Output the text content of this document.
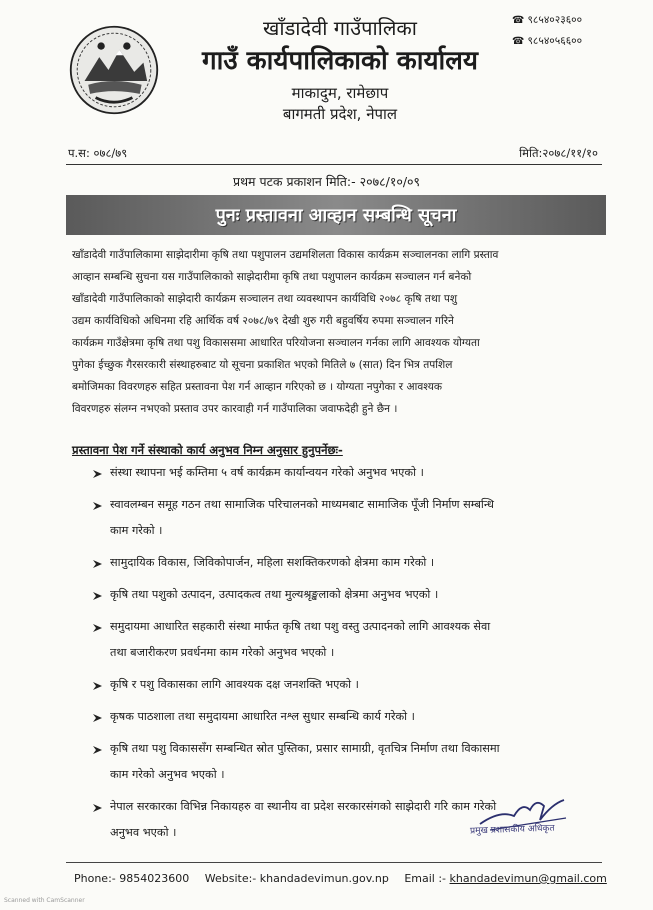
खाँडादेवी गाउँपालिका
गाउँ कार्यपालिकाको कार्यालय
माकादुम, रामेछाप
बागमती प्रदेश, नेपाल
☎ ९८५४०२३६००
☎ ९८५४०५६६००
प.स: ०७८/७९	मिति:२०७८/११/१०
प्रथम पटक प्रकाशन मिति:- २०७८/१०/०९
पुनः प्रस्तावना आव्हान सम्बन्धि सूचना
खाँडादेवी गाउँपालिकामा साझेदारीमा कृषि तथा पशुपालन उद्यमशिलता विकास कार्यक्रम सञ्चालनका लागि प्रस्ताव
आव्हान सम्बन्धि सुचना यस गाउँपालिकाको साझेदारीमा कृषि तथा पशुपालन कार्यक्रम सञ्चालन गर्न बनेको
खाँडादेवी गाउँपालिकाको साझेदारी कार्यक्रम सञ्चालन तथा व्यवस्थापन कार्यविधि २०७८ कृषि तथा पशु
उद्यम कार्यविधिको अधिनमा रहि आर्थिक वर्ष २०७८/७९ देखी शुरु गरी बहुवर्षिय रुपमा सञ्चालन गरिने
कार्यक्रम गाउँक्षेत्रमा कृषि तथा पशु विकाससमा आधारित परियोजना सञ्चालन गर्नका लागि आवश्यक योग्यता
पुगेका ईच्छुक गैरसरकारी संस्थाहरुबाट यो सूचना प्रकाशित भएको मितिले ७ (सात) दिन भित्र तपशिल
बमोजिमका विवरणहरु सहित प्रस्तावना पेश गर्न आव्हान गरिएको छ । योग्यता नपुगेका र आवश्यक
विवरणहरु संलग्न नभएको प्रस्ताव उपर कारवाही गर्न गाउँपालिका जवाफदेही हुने छैन ।
प्रस्तावना पेश गर्ने संस्थाको कार्य अनुभव निम्न अनुसार हुनुपर्नेछः-
संस्था स्थापना भई कम्तिमा ५ वर्ष कार्यक्रम कार्यान्वयन गरेको अनुभव भएको ।
स्वावलम्बन समूह गठन तथा सामाजिक परिचालनको माध्यमबाट सामाजिक पूँजी निर्माण सम्बन्धि
काम गरेको ।
सामुदायिक विकास, जिविकोपार्जन, महिला सशक्तिकरणको क्षेत्रमा काम गरेको ।
कृषि तथा पशुको उत्पादन, उत्पादकत्व तथा मुल्यश्रृङ्खलाको क्षेत्रमा अनुभव भएको ।
समुदायमा आधारित सहकारी संस्था मार्फत कृषि तथा पशु वस्तु उत्पादनको लागि आवश्यक सेवा
तथा बजारीकरण प्रवर्धनमा काम गरेको अनुभव भएको ।
कृषि र पशु विकासका लागि आवश्यक दक्ष जनशक्ति भएको ।
कृषक पाठशाला तथा समुदायमा आधारित नश्ल सुधार सम्बन्धि कार्य गरेको ।
कृषि तथा पशु विकाससँग सम्बन्धित स्रोत पुस्तिका, प्रसार सामाग्री, वृतचित्र निर्माण तथा विकासमा
काम गरेको अनुभव भएको ।
नेपाल सरकारका विभिन्न निकायहरु वा स्थानीय वा प्रदेश सरकारसंगको साझेदारी गरि काम गरेको
अनुभव भएको ।	प्रमुख प्रशासकीय अधिकृत
Phone:- 9854023600 Website:- khandadevimun.gov.np Email :- khandadevimun@gmail.com
Scanned with CamScanner
